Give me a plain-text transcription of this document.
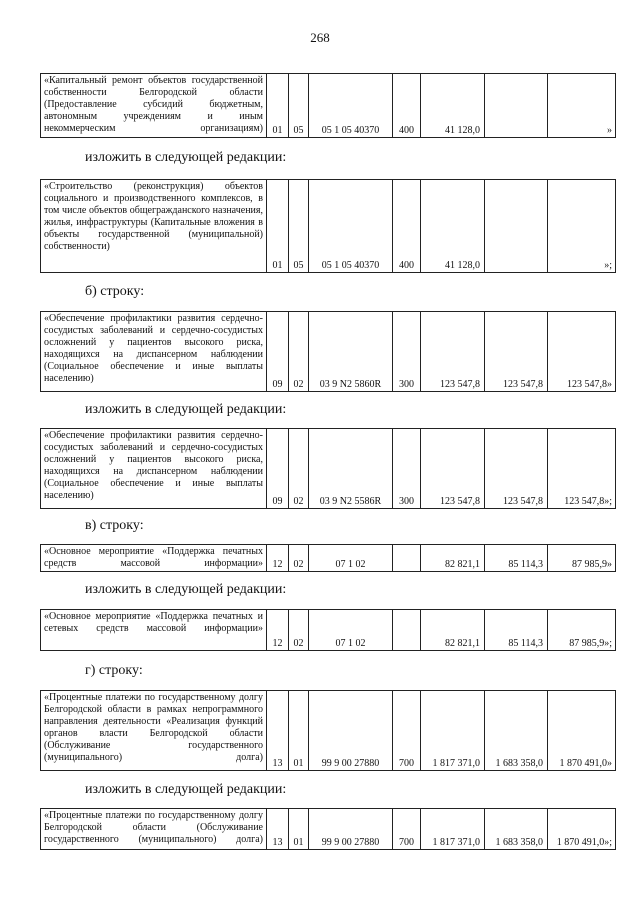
268
«Капитальный ремонт объектов государственной собственности Белгородской области (Предоставление субсидий бюджетным, автономным учреждениям и иным некоммерческим организациям)	01	05	05 1 05 40370	400	41 128,0		»
изложить в следующей редакции:
«Строительство (реконструкция) объектов социального и производственного комплексов, в том числе объектов общегражданского назначения, жилья, инфраструктуры (Капитальные вложения в объекты государственной (муниципальной) собственности)	01	05	05 1 05 40370	400	41 128,0		»;
б) строку:
«Обеспечение профилактики развития сердечно-сосудистых заболеваний и сердечно-сосудистых осложнений у пациентов высокого риска, находящихся на диспансерном наблюдении (Социальное обеспечение и иные выплаты населению)	09	02	03 9 N2 5860R	300	123 547,8	123 547,8	123 547,8»
изложить в следующей редакции:
«Обеспечение профилактики развития сердечно-сосудистых заболеваний и сердечно-сосудистых осложнений у пациентов высокого риска, находящихся на диспансерном наблюдении (Социальное обеспечение и иные выплаты населению)	09	02	03 9 N2 5586R	300	123 547,8	123 547,8	123 547,8»;
в) строку:
«Основное мероприятие «Поддержка печатных средств массовой информации»	12	02	07 1 02		82 821,1	85 114,3	87 985,9»
изложить в следующей редакции:
«Основное мероприятие «Поддержка печатных и сетевых средств массовой информации»	12	02	07 1 02		82 821,1	85 114,3	87 985,9»;
г) строку:
«Процентные платежи по государственному долгу Белгородской области в рамках непрограммного направления деятельности «Реализация функций органов власти Белгородской области (Обслуживание государственного (муниципального) долга)	13	01	99 9 00 27880	700	1 817 371,0	1 683 358,0	1 870 491,0»
изложить в следующей редакции:
«Процентные платежи по государственному долгу Белгородской области (Обслуживание государственного (муниципального) долга)	13	01	99 9 00 27880	700	1 817 371,0	1 683 358,0	1 870 491,0»;
